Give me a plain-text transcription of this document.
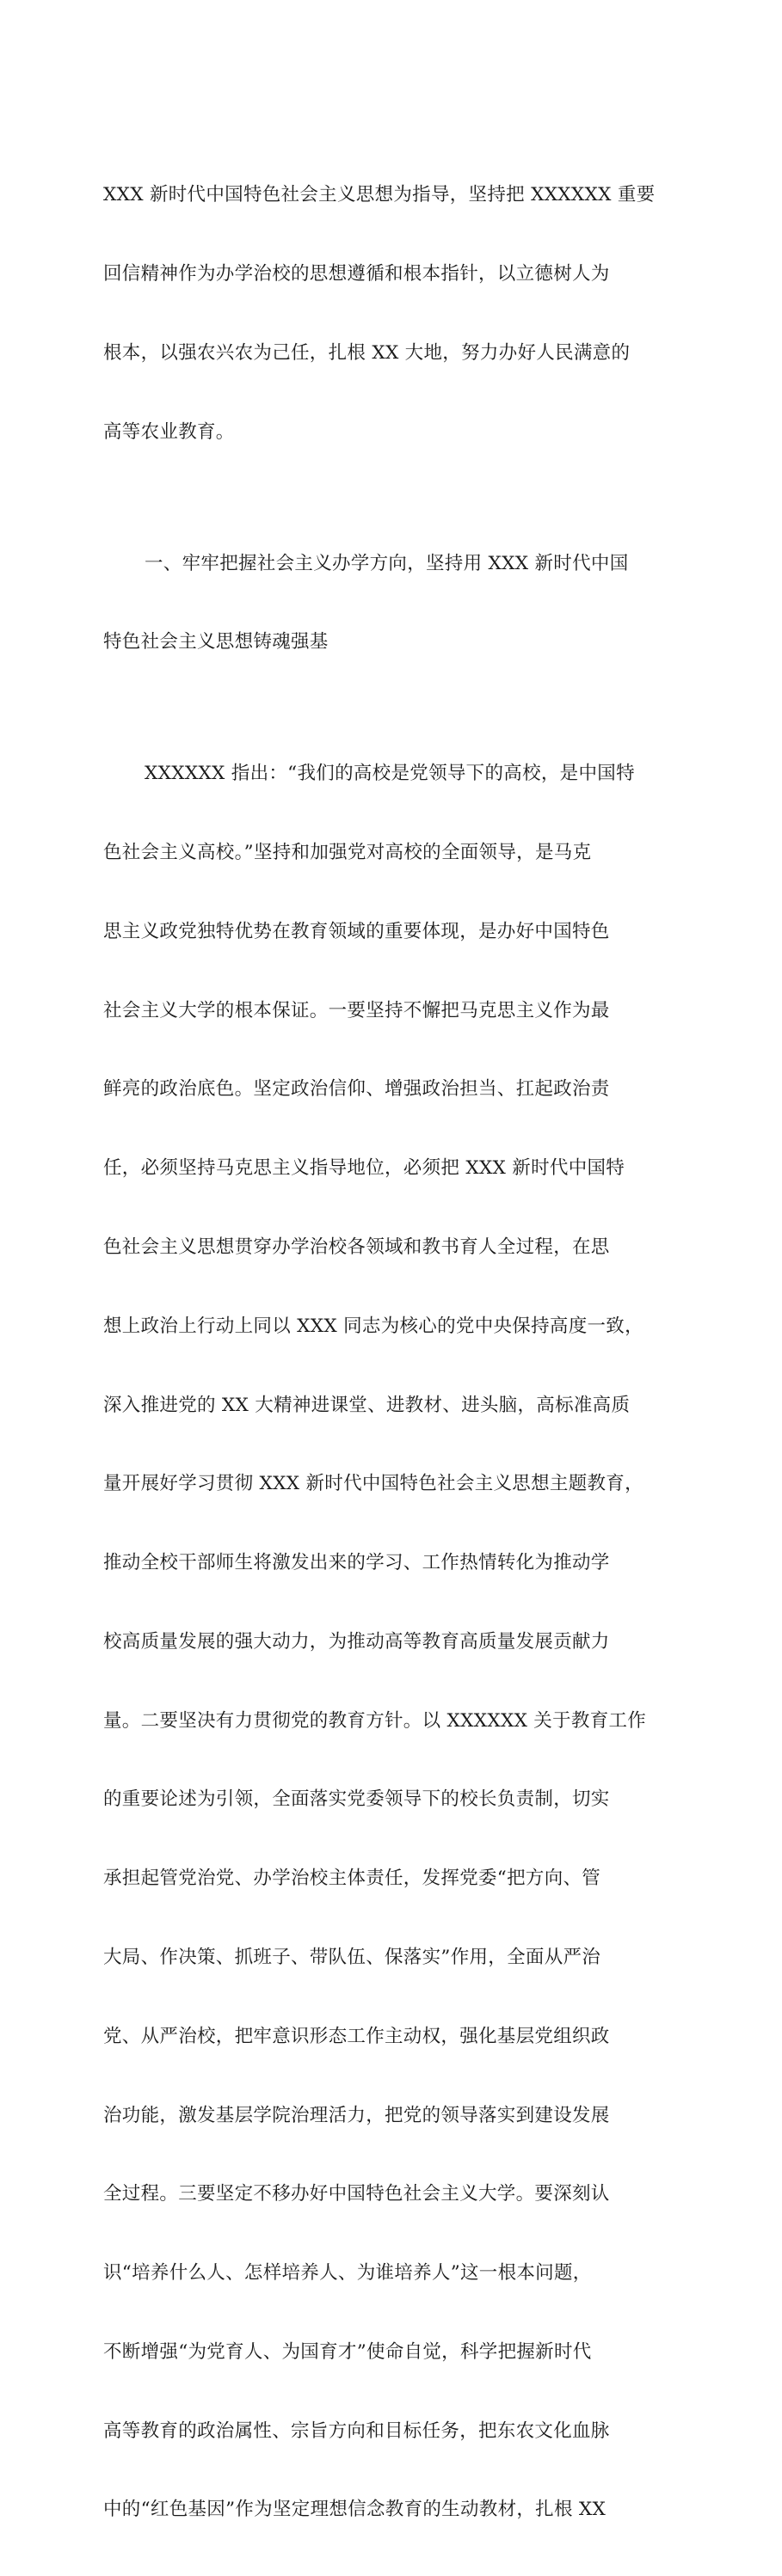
XXX 新时代中国特色社会主义思想为指导，坚持把 XXXXXX 重要

回信精神作为办学治校的思想遵循和根本指针，以立德树人为

根本，以强农兴农为己任，扎根 XX 大地，努力办好人民满意的

高等农业教育。

一、牢牢把握社会主义办学方向，坚持用 XXX 新时代中国

特色社会主义思想铸魂强基

XXXXXX 指出：“我们的高校是党领导下的高校，是中国特

色社会主义高校。”坚持和加强党对高校的全面领导，是马克

思主义政党独特优势在教育领域的重要体现，是办好中国特色

社会主义大学的根本保证。一要坚持不懈把马克思主义作为最

鲜亮的政治底色。坚定政治信仰、增强政治担当、扛起政治责

任，必须坚持马克思主义指导地位，必须把 XXX 新时代中国特

色社会主义思想贯穿办学治校各领域和教书育人全过程，在思

想上政治上行动上同以 XXX 同志为核心的党中央保持高度一致，

深入推进党的 XX 大精神进课堂、进教材、进头脑，高标准高质

量开展好学习贯彻 XXX 新时代中国特色社会主义思想主题教育，

推动全校干部师生将激发出来的学习、工作热情转化为推动学

校高质量发展的强大动力，为推动高等教育高质量发展贡献力

量。二要坚决有力贯彻党的教育方针。以 XXXXXX 关于教育工作

的重要论述为引领，全面落实党委领导下的校长负责制，切实

承担起管党治党、办学治校主体责任，发挥党委“把方向、管

大局、作决策、抓班子、带队伍、保落实”作用，全面从严治

党、从严治校，把牢意识形态工作主动权，强化基层党组织政

治功能，激发基层学院治理活力，把党的领导落实到建设发展

全过程。三要坚定不移办好中国特色社会主义大学。要深刻认

识“培养什么人、怎样培养人、为谁培养人”这一根本问题，

不断增强“为党育人、为国育才”使命自觉，科学把握新时代

高等教育的政治属性、宗旨方向和目标任务，把东农文化血脉

中的“红色基因”作为坚定理想信念教育的生动教材，扎根 XX
